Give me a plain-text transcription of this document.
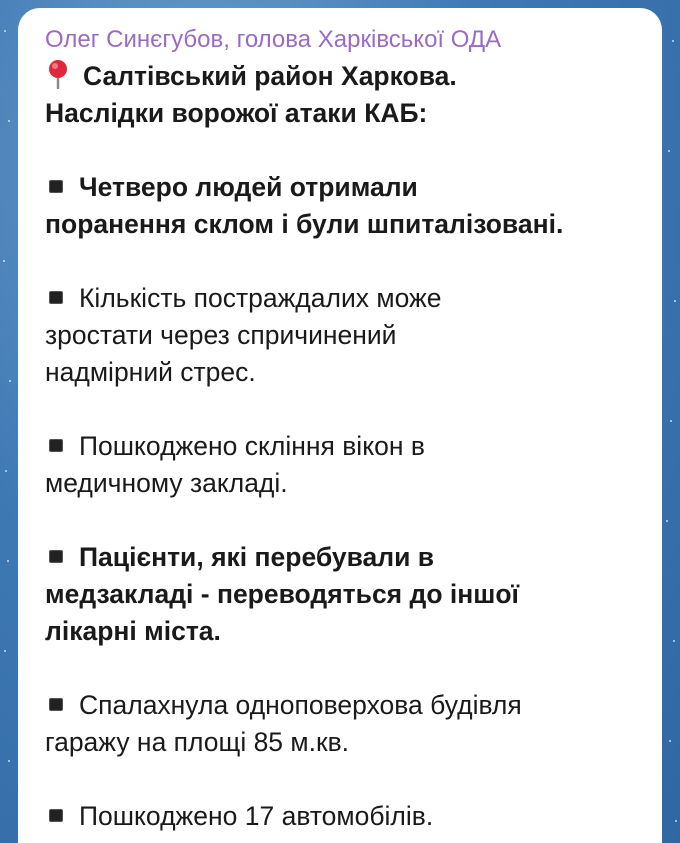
Олег Синєгубов, голова Харківської ОДА
Салтівський район Харкова.
Наслідки ворожої атаки КАБ:
Четверо людей отримали
поранення склом і були шпиталізовані.
Кількість постраждалих може
зростати через спричинений
надмірний стрес.
Пошкоджено скління вікон в
медичному закладі.
Пацієнти, які перебували в
медзакладі - переводяться до іншої
лікарні міста.
Спалахнула одноповерхова будівля
гаражу на площі 85 м.кв.
Пошкоджено 17 автомобілів.
